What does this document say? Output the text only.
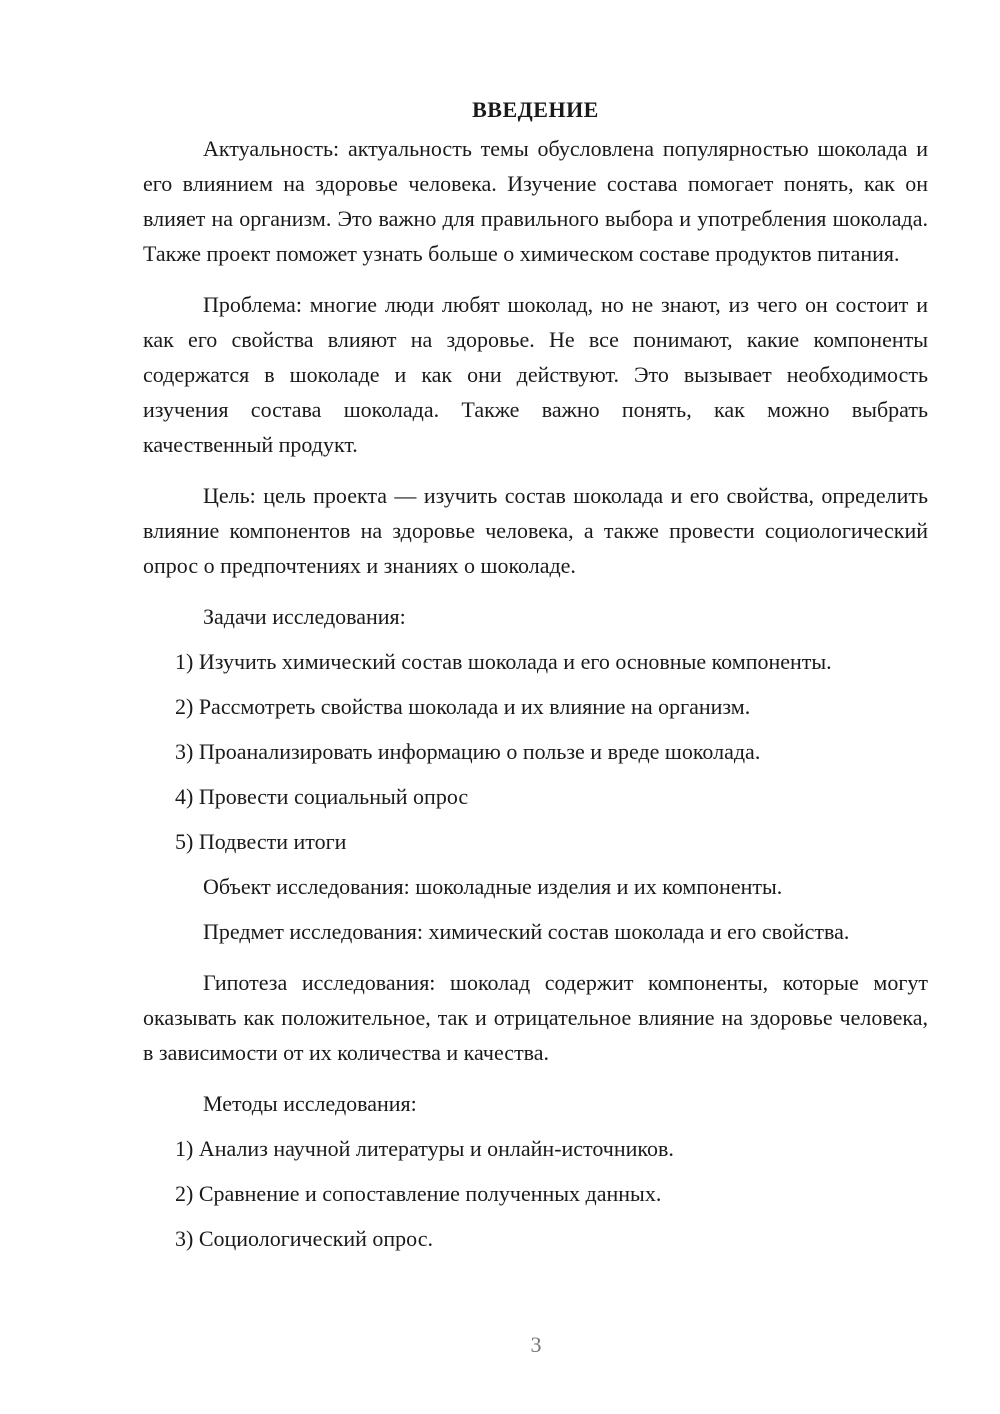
ВВЕДЕНИЕ

Актуальность: актуальность темы обусловлена популярностью шоколада и его влиянием на здоровье человека. Изучение состава помогает понять, как он влияет на организм. Это важно для правильного выбора и употребления шоколада. Также проект поможет узнать больше о химическом составе продуктов питания.

Проблема: многие люди любят шоколад, но не знают, из чего он состоит и как его свойства влияют на здоровье. Не все понимают, какие компоненты содержатся в шоколаде и как они действуют. Это вызывает необходимость изучения состава шоколада. Также важно понять, как можно выбрать качественный продукт.

Цель: цель проекта — изучить состав шоколада и его свойства, определить влияние компонентов на здоровье человека, а также провести социологический опрос о предпочтениях и знаниях о шоколаде.

Задачи исследования:

1) Изучить химический состав шоколада и его основные компоненты.
2) Рассмотреть свойства шоколада и их влияние на организм.
3) Проанализировать информацию о пользе и вреде шоколада.
4) Провести социальный опрос
5) Подвести итоги

Объект исследования: шоколадные изделия и их компоненты.

Предмет исследования: химический состав шоколада и его свойства.

Гипотеза исследования: шоколад содержит компоненты, которые могут оказывать как положительное, так и отрицательное влияние на здоровье человека, в зависимости от их количества и качества.

Методы исследования:

1) Анализ научной литературы и онлайн-источников.
2) Сравнение и сопоставление полученных данных.
3) Социологический опрос.
3
